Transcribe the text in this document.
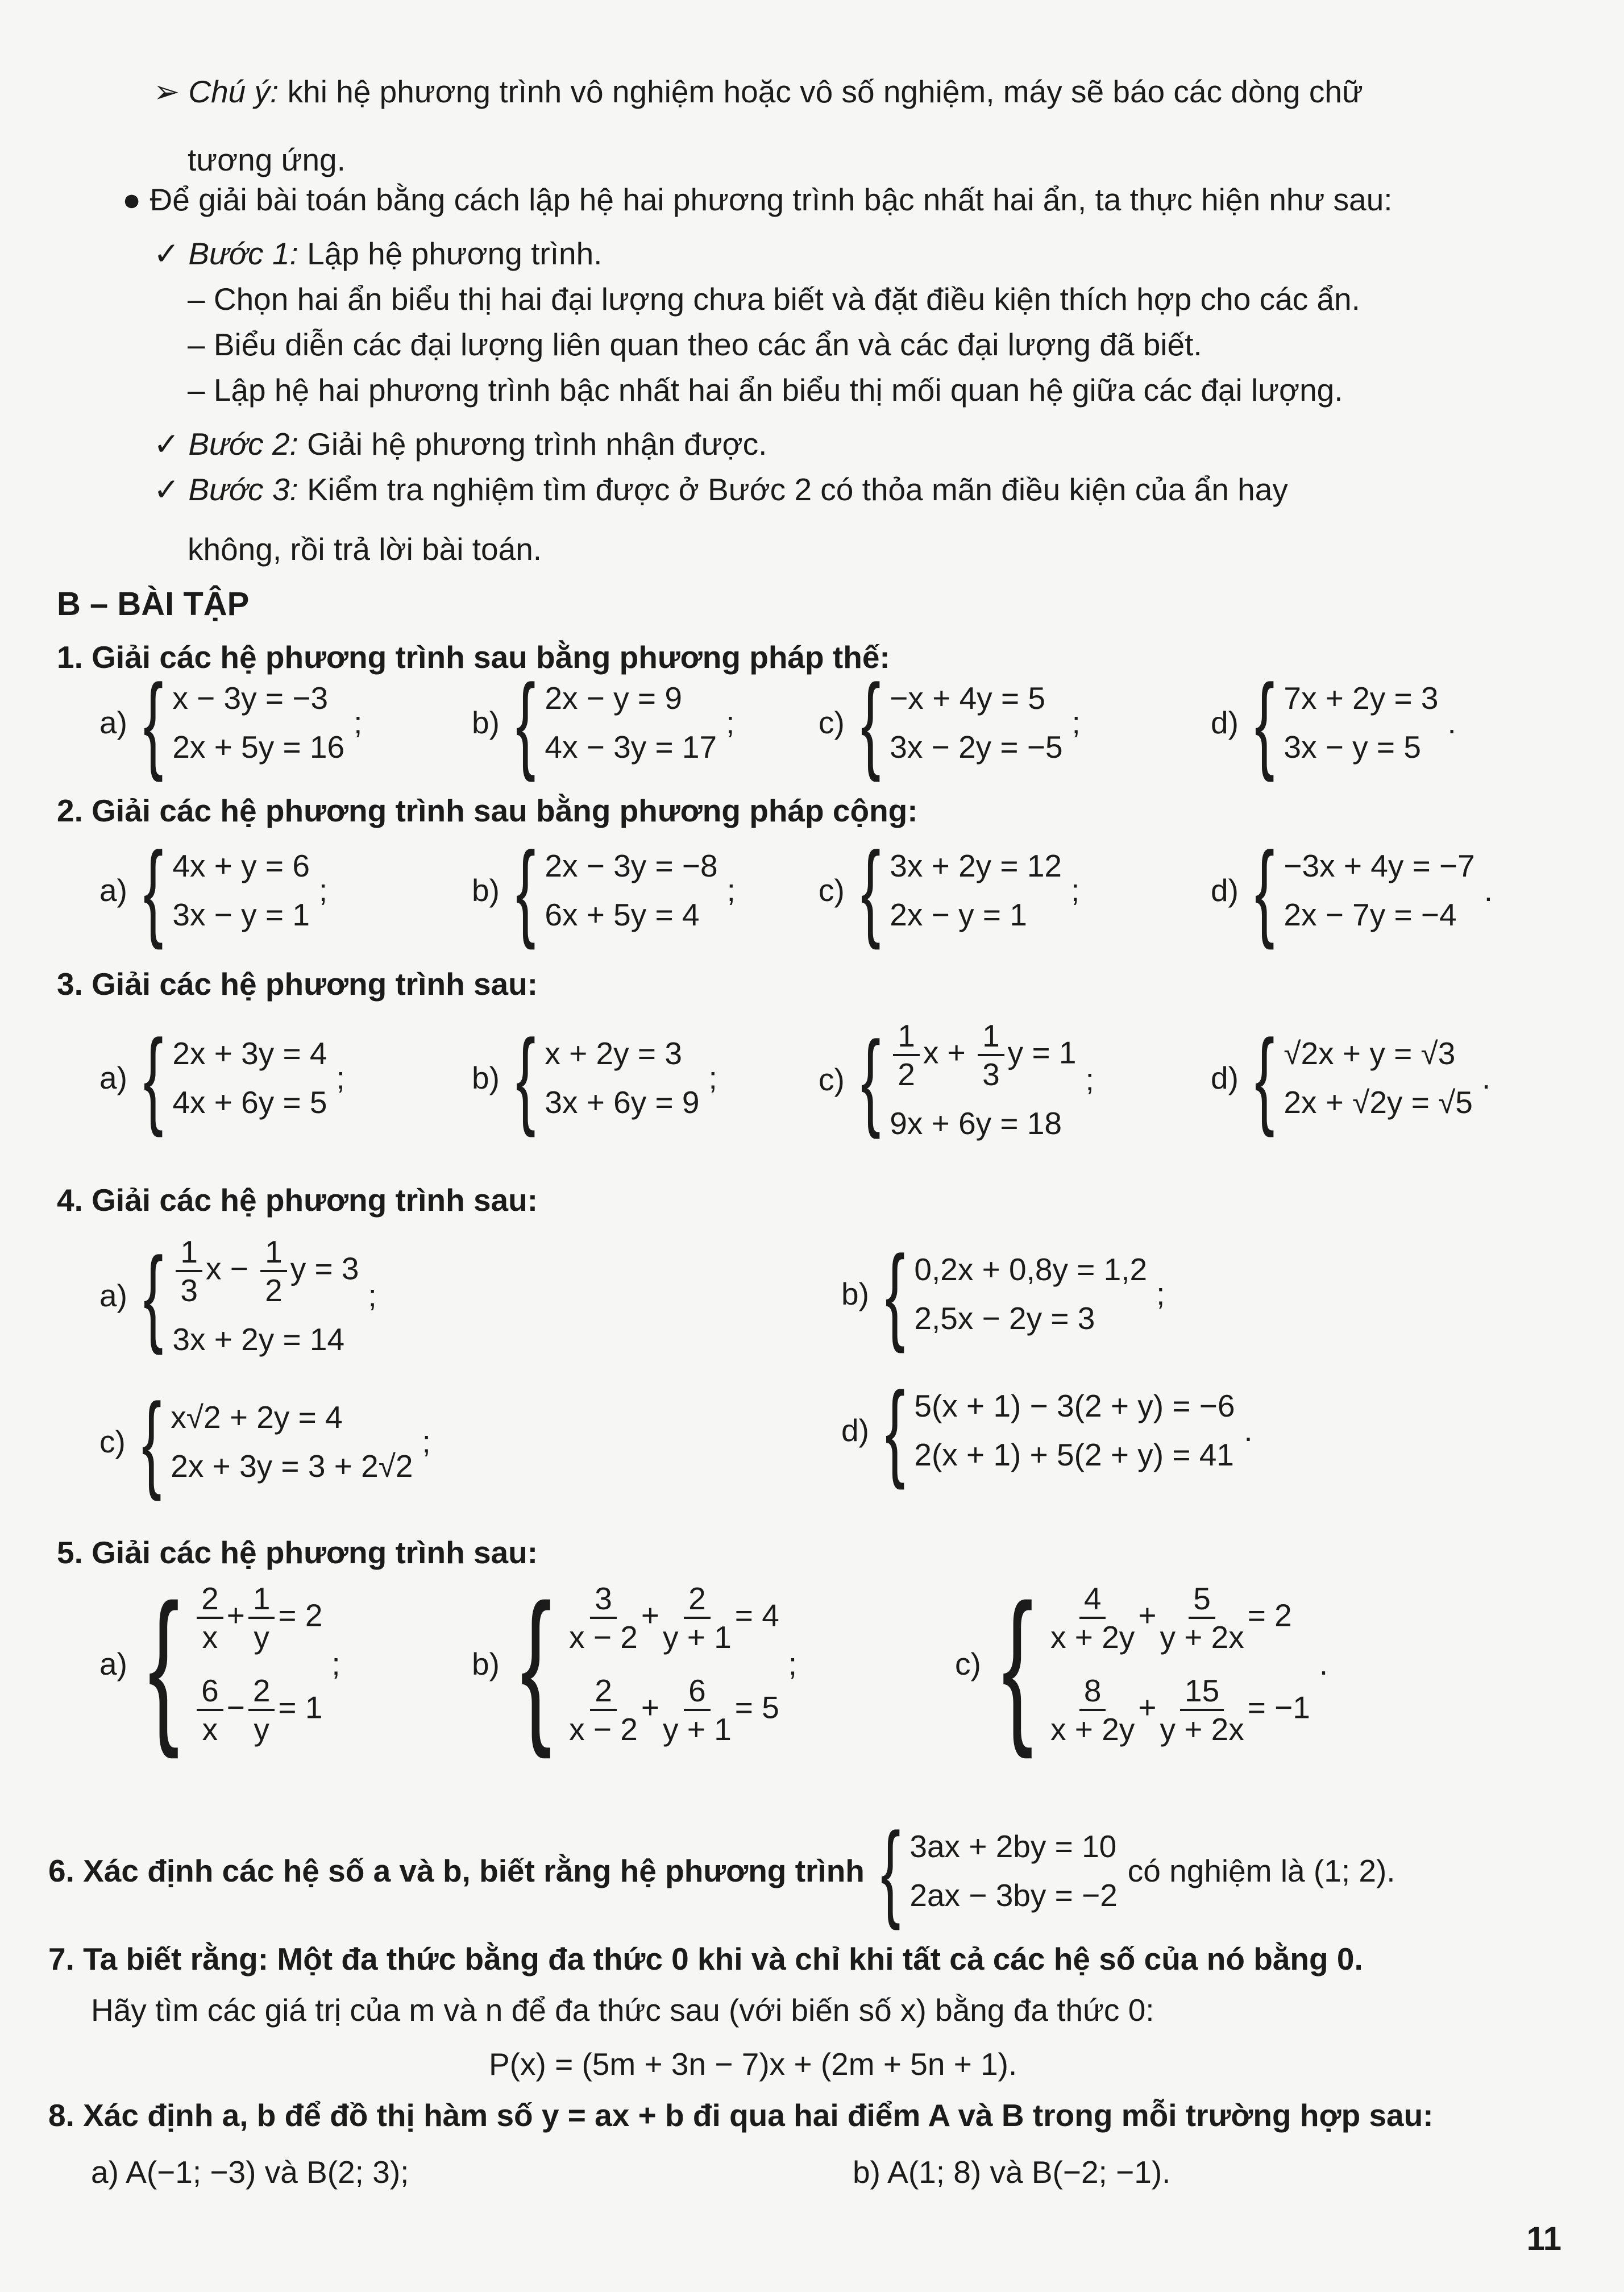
➢ Chú ý: khi hệ phương trình vô nghiệm hoặc vô số nghiệm, máy sẽ báo các dòng chữ
tương ứng.
● Để giải bài toán bằng cách lập hệ hai phương trình bậc nhất hai ẩn, ta thực hiện như sau:
✓ Bước 1: Lập hệ phương trình.
– Chọn hai ẩn biểu thị hai đại lượng chưa biết và đặt điều kiện thích hợp cho các ẩn.
– Biểu diễn các đại lượng liên quan theo các ẩn và các đại lượng đã biết.
– Lập hệ hai phương trình bậc nhất hai ẩn biểu thị mối quan hệ giữa các đại lượng.
✓ Bước 2: Giải hệ phương trình nhận được.
✓ Bước 3: Kiểm tra nghiệm tìm được ở Bước 2 có thỏa mãn điều kiện của ẩn hay
không, rồi trả lời bài toán.
B – BÀI TẬP
1. Giải các hệ phương trình sau bằng phương pháp thế:
a) { x − 3y = −3
2x + 5y = 16
;	b) { 2x − y = 9
4x − 3y = 17
;	c) { −x + 4y = 5
3x − 2y = −5
;	d) { 7x + 2y = 3
3x − y = 5
.
2. Giải các hệ phương trình sau bằng phương pháp cộng:
a) { 4x + y = 6
3x − y = 1
;	b) { 2x − 3y = −8
6x + 5y = 4
;	c) { 3x + 2y = 12
2x − y = 1
;	d) { −3x + 4y = −7
2x − 7y = −4
.
3. Giải các hệ phương trình sau:
a) { 2x + 3y = 4
4x + 6y = 5
;	b) { x + 2y = 3
3x + 6y = 9
;	c) { $\frac{1}{2}$ $x + \frac{1}{3}$ y = 1
9x + 6y = 18
;	d) { √2x + y = √3
2x + √2y = √5
.
4. Giải các hệ phương trình sau:
a) { $\frac{1}{3}$ $x - \frac{1}{2}$ y = 3
3x + 2y = 14
;	b) { 0,2x + 0,8y = 1,2
2,5x − 2y = 3
;
c) { x√2 + 2y = 4
2x + 3y = 3 + 2√2
;	d) { 5(x + 1) − 3(2 + y) = −6
2(x + 1) + 5(2 + y) = 41
.
5. Giải các hệ phương trình sau:
a) { $\frac{2}{x} + \frac{1}{y} = 2$
$\frac{6}{x} - \frac{2}{y} = 1$
;	b) { $\frac{3}{x - 2} + \frac{2}{y + 1} = 4$
$\frac{2}{x - 2} + \frac{6}{y + 1} = 5$
;	c) { $\frac{4}{x + 2y} + \frac{5}{y + 2x} = 2$
$\frac{8}{x + 2y} + \frac{15}{y + 2x} = -1$
.
6. Xác định các hệ số a và b, biết rằng hệ phương trình { 3ax + 2by = 10
2ax − 3by = −2
có nghiệm là (1; 2).
7. Ta biết rằng: Một đa thức bằng đa thức 0 khi và chỉ khi tất cả các hệ số của nó bằng 0.
Hãy tìm các giá trị của m và n để đa thức sau (với biến số x) bằng đa thức 0:
P(x) = (5m + 3n − 7)x + (2m + 5n + 1).
8. Xác định a, b để đồ thị hàm số y = ax + b đi qua hai điểm A và B trong mỗi trường hợp sau:
a) A(−1; −3) và B(2; 3);	b) A(1; 8) và B(−2; −1).
11
